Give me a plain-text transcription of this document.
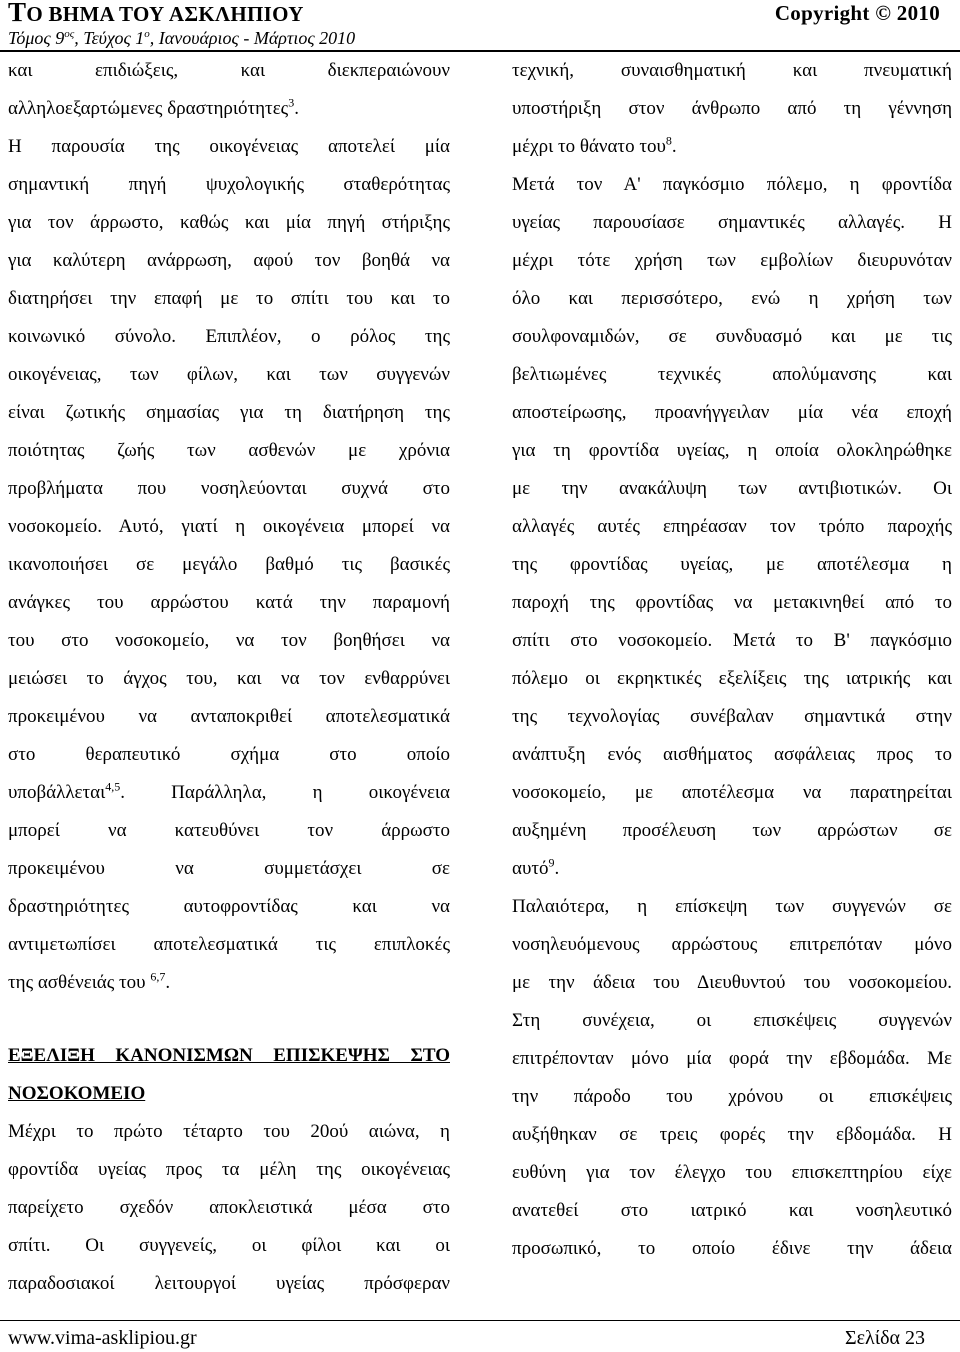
ΤΟ ΒΗΜΑ ΤΟΥ ΑΣΚΛΗΠΙΟΥ	Copyright © 2010
Τόμος $9^{o\varsigma}$, Τεύχος $1^o$, Ιανουάριος - Μάρτιος 2010
και επιδιώξεις, και διεκπεραιώνουν
αλληλοεξαρτώμενες δραστηριότητες$^3$.
Η παρουσία της οικογένειας αποτελεί μία
σημαντική πηγή ψυχολογικής σταθερότητας
για τον άρρωστο, καθώς και μία πηγή στήριξης
για καλύτερη ανάρρωση, αφού τον βοηθά να
διατηρήσει την επαφή με το σπίτι του και το
κοινωνικό σύνολο. Επιπλέον, ο ρόλος της
οικογένειας, των φίλων, και των συγγενών
είναι ζωτικής σημασίας για τη διατήρηση της
ποιότητας ζωής των ασθενών με χρόνια
προβλήματα που νοσηλεύονται συχνά στο
νοσοκομείο. Αυτό, γιατί η οικογένεια μπορεί να
ικανοποιήσει σε μεγάλο βαθμό τις βασικές
ανάγκες του αρρώστου κατά την παραμονή
του στο νοσοκομείο, να τον βοηθήσει να
μειώσει το άγχος του, και να τον ενθαρρύνει
προκειμένου να ανταποκριθεί αποτελεσματικά
στο θεραπευτικό σχήμα στο οποίο
υποβάλλεται$^{4,5}$. Παράλληλα, η οικογένεια
μπορεί να κατευθύνει τον άρρωστο
προκειμένου να συμμετάσχει σε
δραστηριότητες αυτοφροντίδας και να
αντιμετωπίσει αποτελεσματικά τις επιπλοκές
της ασθένειάς του $^{6,7}$.
ΕΞΕΛΙΞΗ ΚΑΝΟΝΙΣΜΩΝ ΕΠΙΣΚΕΨΗΣ ΣΤΟ
ΝΟΣΟΚΟΜΕΙΟ
Μέχρι το πρώτο τέταρτο του 20ού αιώνα, η
φροντίδα υγείας προς τα μέλη της οικογένειας
παρείχετο σχεδόν αποκλειστικά μέσα στο
σπίτι. Οι συγγενείς, οι φίλοι και οι
παραδοσιακοί λειτουργοί υγείας πρόσφεραν
τεχνική, συναισθηματική και πνευματική
υποστήριξη στον άνθρωπο από τη γέννηση
μέχρι το θάνατο του$^8$.
Μετά τον Α' παγκόσμιο πόλεμο, η φροντίδα
υγείας παρουσίασε σημαντικές αλλαγές. Η
μέχρι τότε χρήση των εμβολίων διευρυνόταν
όλο και περισσότερο, ενώ η χρήση των
σουλφοναμιδών, σε συνδυασμό και με τις
βελτιωμένες τεχνικές απολύμανσης και
αποστείρωσης, προανήγγειλαν μία νέα εποχή
για τη φροντίδα υγείας, η οποία ολοκληρώθηκε
με την ανακάλυψη των αντιβιοτικών. Οι
αλλαγές αυτές επηρέασαν τον τρόπο παροχής
της φροντίδας υγείας, με αποτέλεσμα η
παροχή της φροντίδας να μετακινηθεί από το
σπίτι στο νοσοκομείο. Μετά το Β' παγκόσμιο
πόλεμο οι εκρηκτικές εξελίξεις της ιατρικής και
της τεχνολογίας συνέβαλαν σημαντικά στην
ανάπτυξη ενός αισθήματος ασφάλειας προς το
νοσοκομείο, με αποτέλεσμα να παρατηρείται
αυξημένη προσέλευση των αρρώστων σε
αυτό$^9$.
Παλαιότερα, η επίσκεψη των συγγενών σε
νοσηλευόμενους αρρώστους επιτρεπόταν μόνο
με την άδεια του Διευθυντού του νοσοκομείου.
Στη συνέχεια, οι επισκέψεις συγγενών
επιτρέπονταν μόνο μία φορά την εβδομάδα. Με
την πάροδο του χρόνου οι επισκέψεις
αυξήθηκαν σε τρεις φορές την εβδομάδα. Η
ευθύνη για τον έλεγχο του επισκεπτηρίου είχε
ανατεθεί στο ιατρικό και νοσηλευτικό
προσωπικό, το οποίο έδινε την άδεια
www.vima-asklipiou.gr	Σελίδα 23
